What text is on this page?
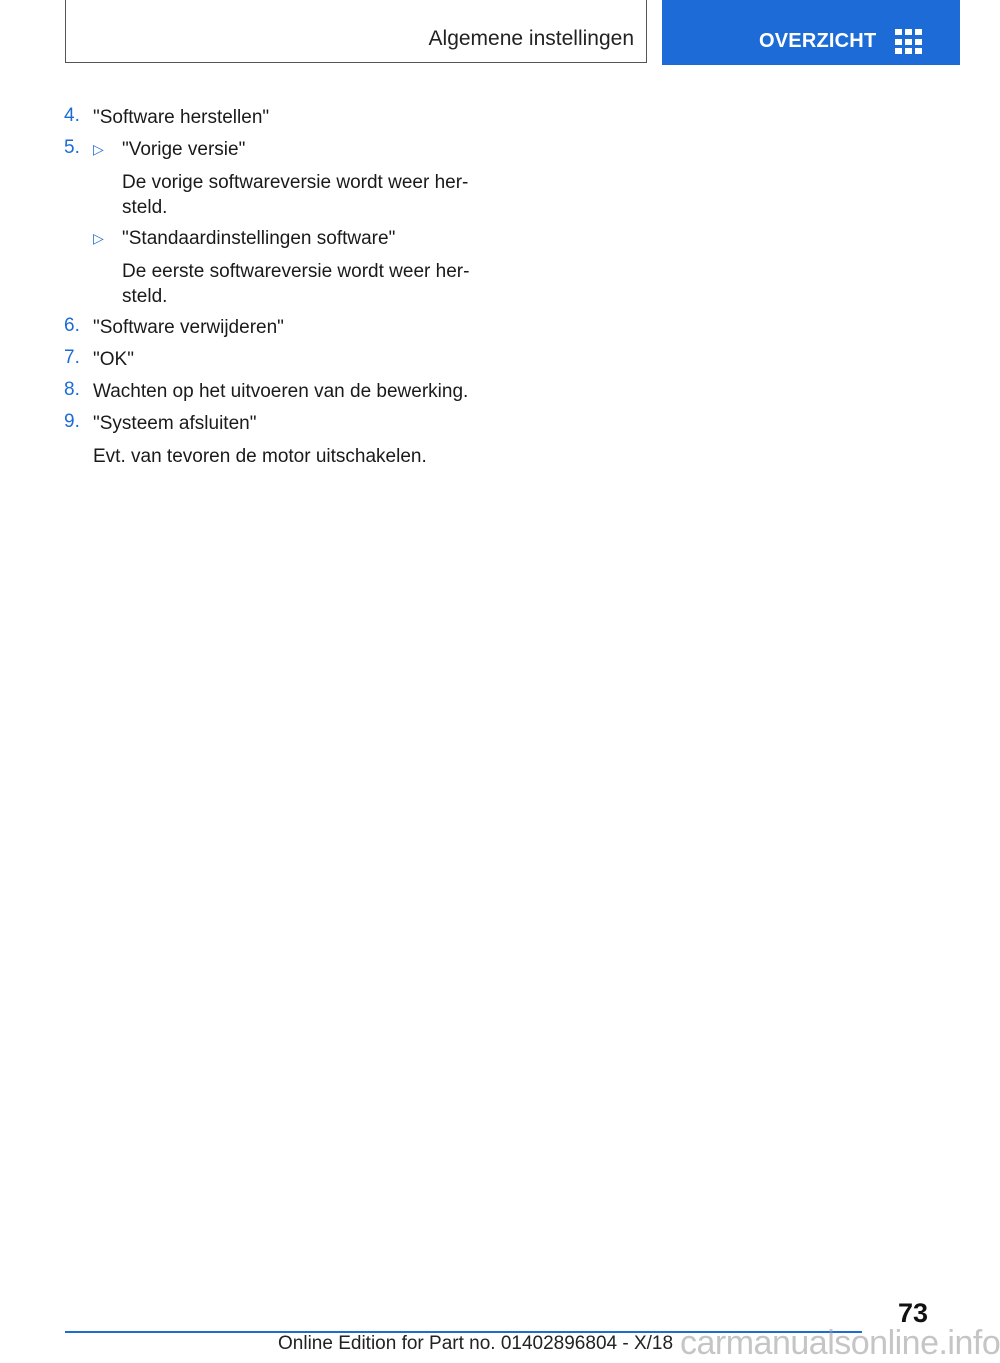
Algemene instellingen	OVERZICHT
4. "Software herstellen"
5. ▷ "Vorige versie"
De vorige softwareversie wordt weer her-
steld.
▷ "Standaardinstellingen software"
De eerste softwareversie wordt weer her-
steld.
6. "Software verwijderen"
7. "OK"
8. Wachten op het uitvoeren van de bewerking.
9. "Systeem afsluiten"
Evt. van tevoren de motor uitschakelen.
73
Online Edition for Part no. 01402896804 - X/18 carmanualsonline.info
